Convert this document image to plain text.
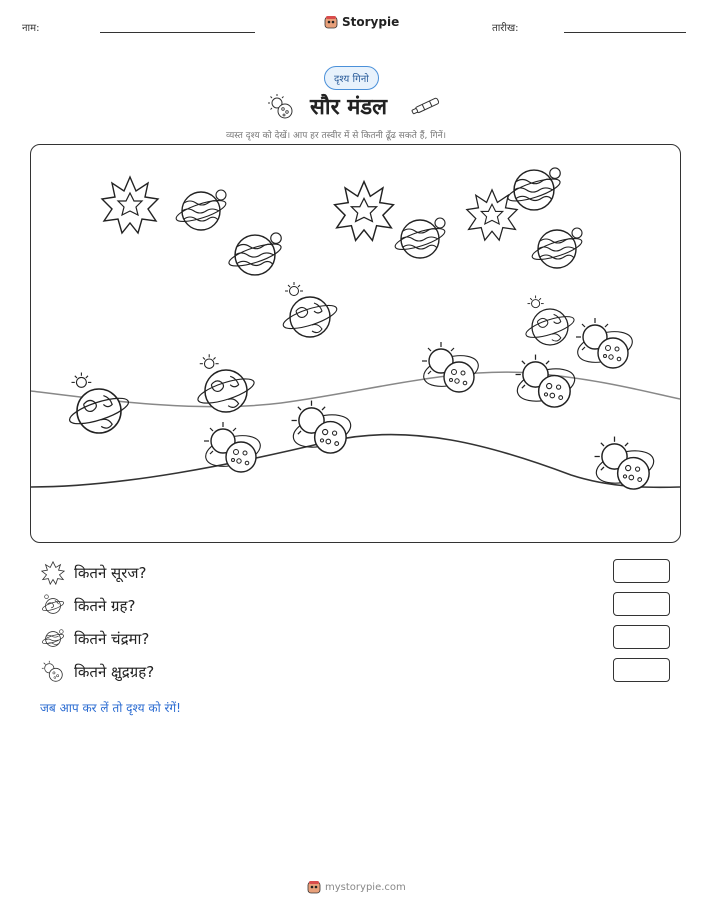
नाम:	Storypie	तारीख:
दृश्य गिनो
सौर मंडल
व्यस्त दृश्य को देखें। आप हर तस्वीर में से कितनी ढूँढ सकते हैं, गिनें।
कितने सूरज?
कितने ग्रह?
कितने चंद्रमा?
कितने क्षुद्रग्रह?
जब आप कर लें तो दृश्य को रंगें!
mystorypie.com
